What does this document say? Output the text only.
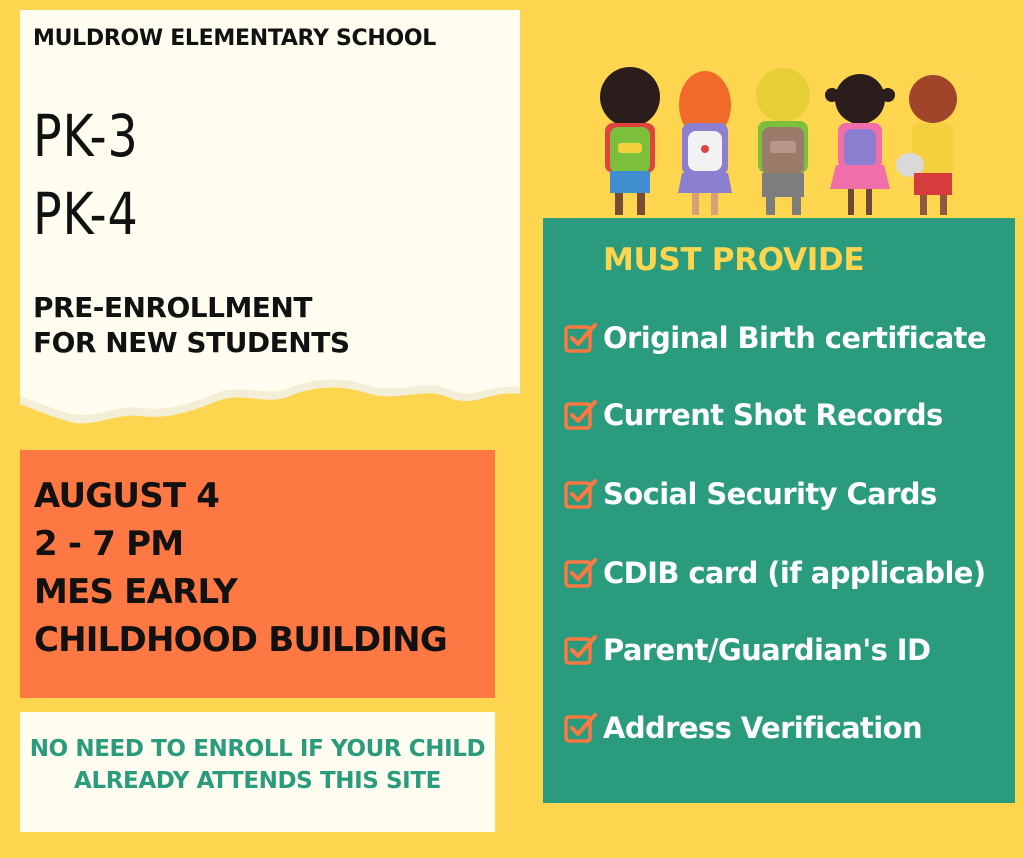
MULDROW ELEMENTARY SCHOOL
PK-3
PK-4
PRE-ENROLLMENT
FOR NEW STUDENTS
AUGUST 4
2 - 7 PM
MES EARLY
CHILDHOOD BUILDING
NO NEED TO ENROLL IF YOUR CHILD
ALREADY ATTENDS THIS SITE
MUST PROVIDE
Original Birth certificate
Current Shot Records
Social Security Cards
CDIB card (if applicable)
Parent/Guardian's ID
Address Verification
